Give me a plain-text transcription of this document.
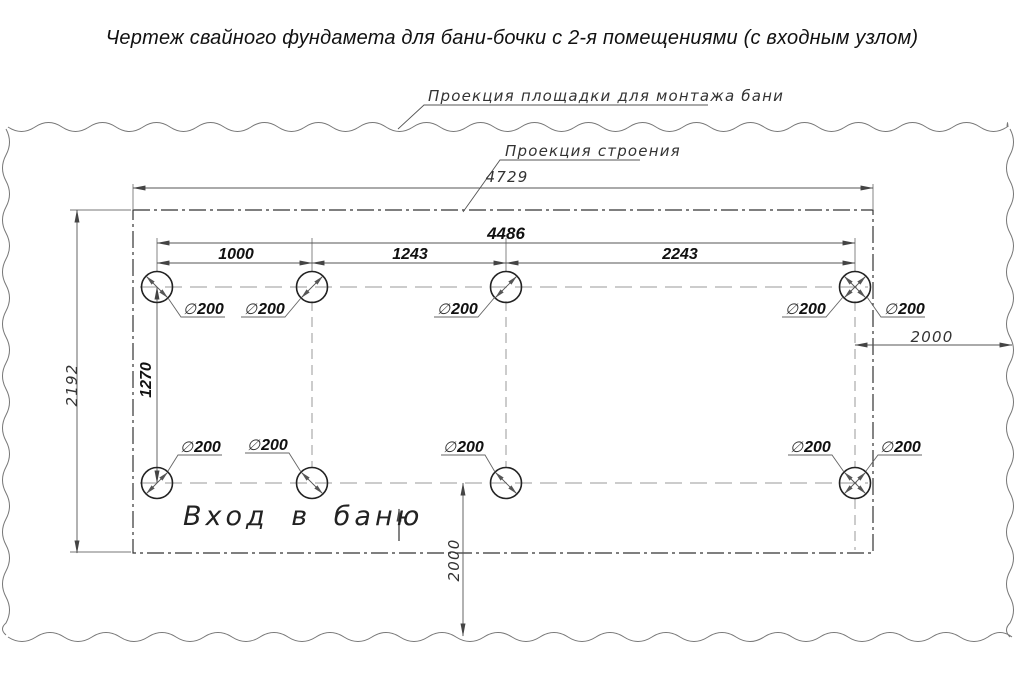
Чертеж свайного фундамета для бани-бочки с 2-я помещениями (с входным узлом)
Проекция площадки для монтажа бани
Проекция строения
4729
4486
1000	1243	2243
2192	1270
2000
2000
∅200 ∅200	∅200	∅200	∅200
∅200 ∅200	∅200	∅200	∅200
Вход в баню
